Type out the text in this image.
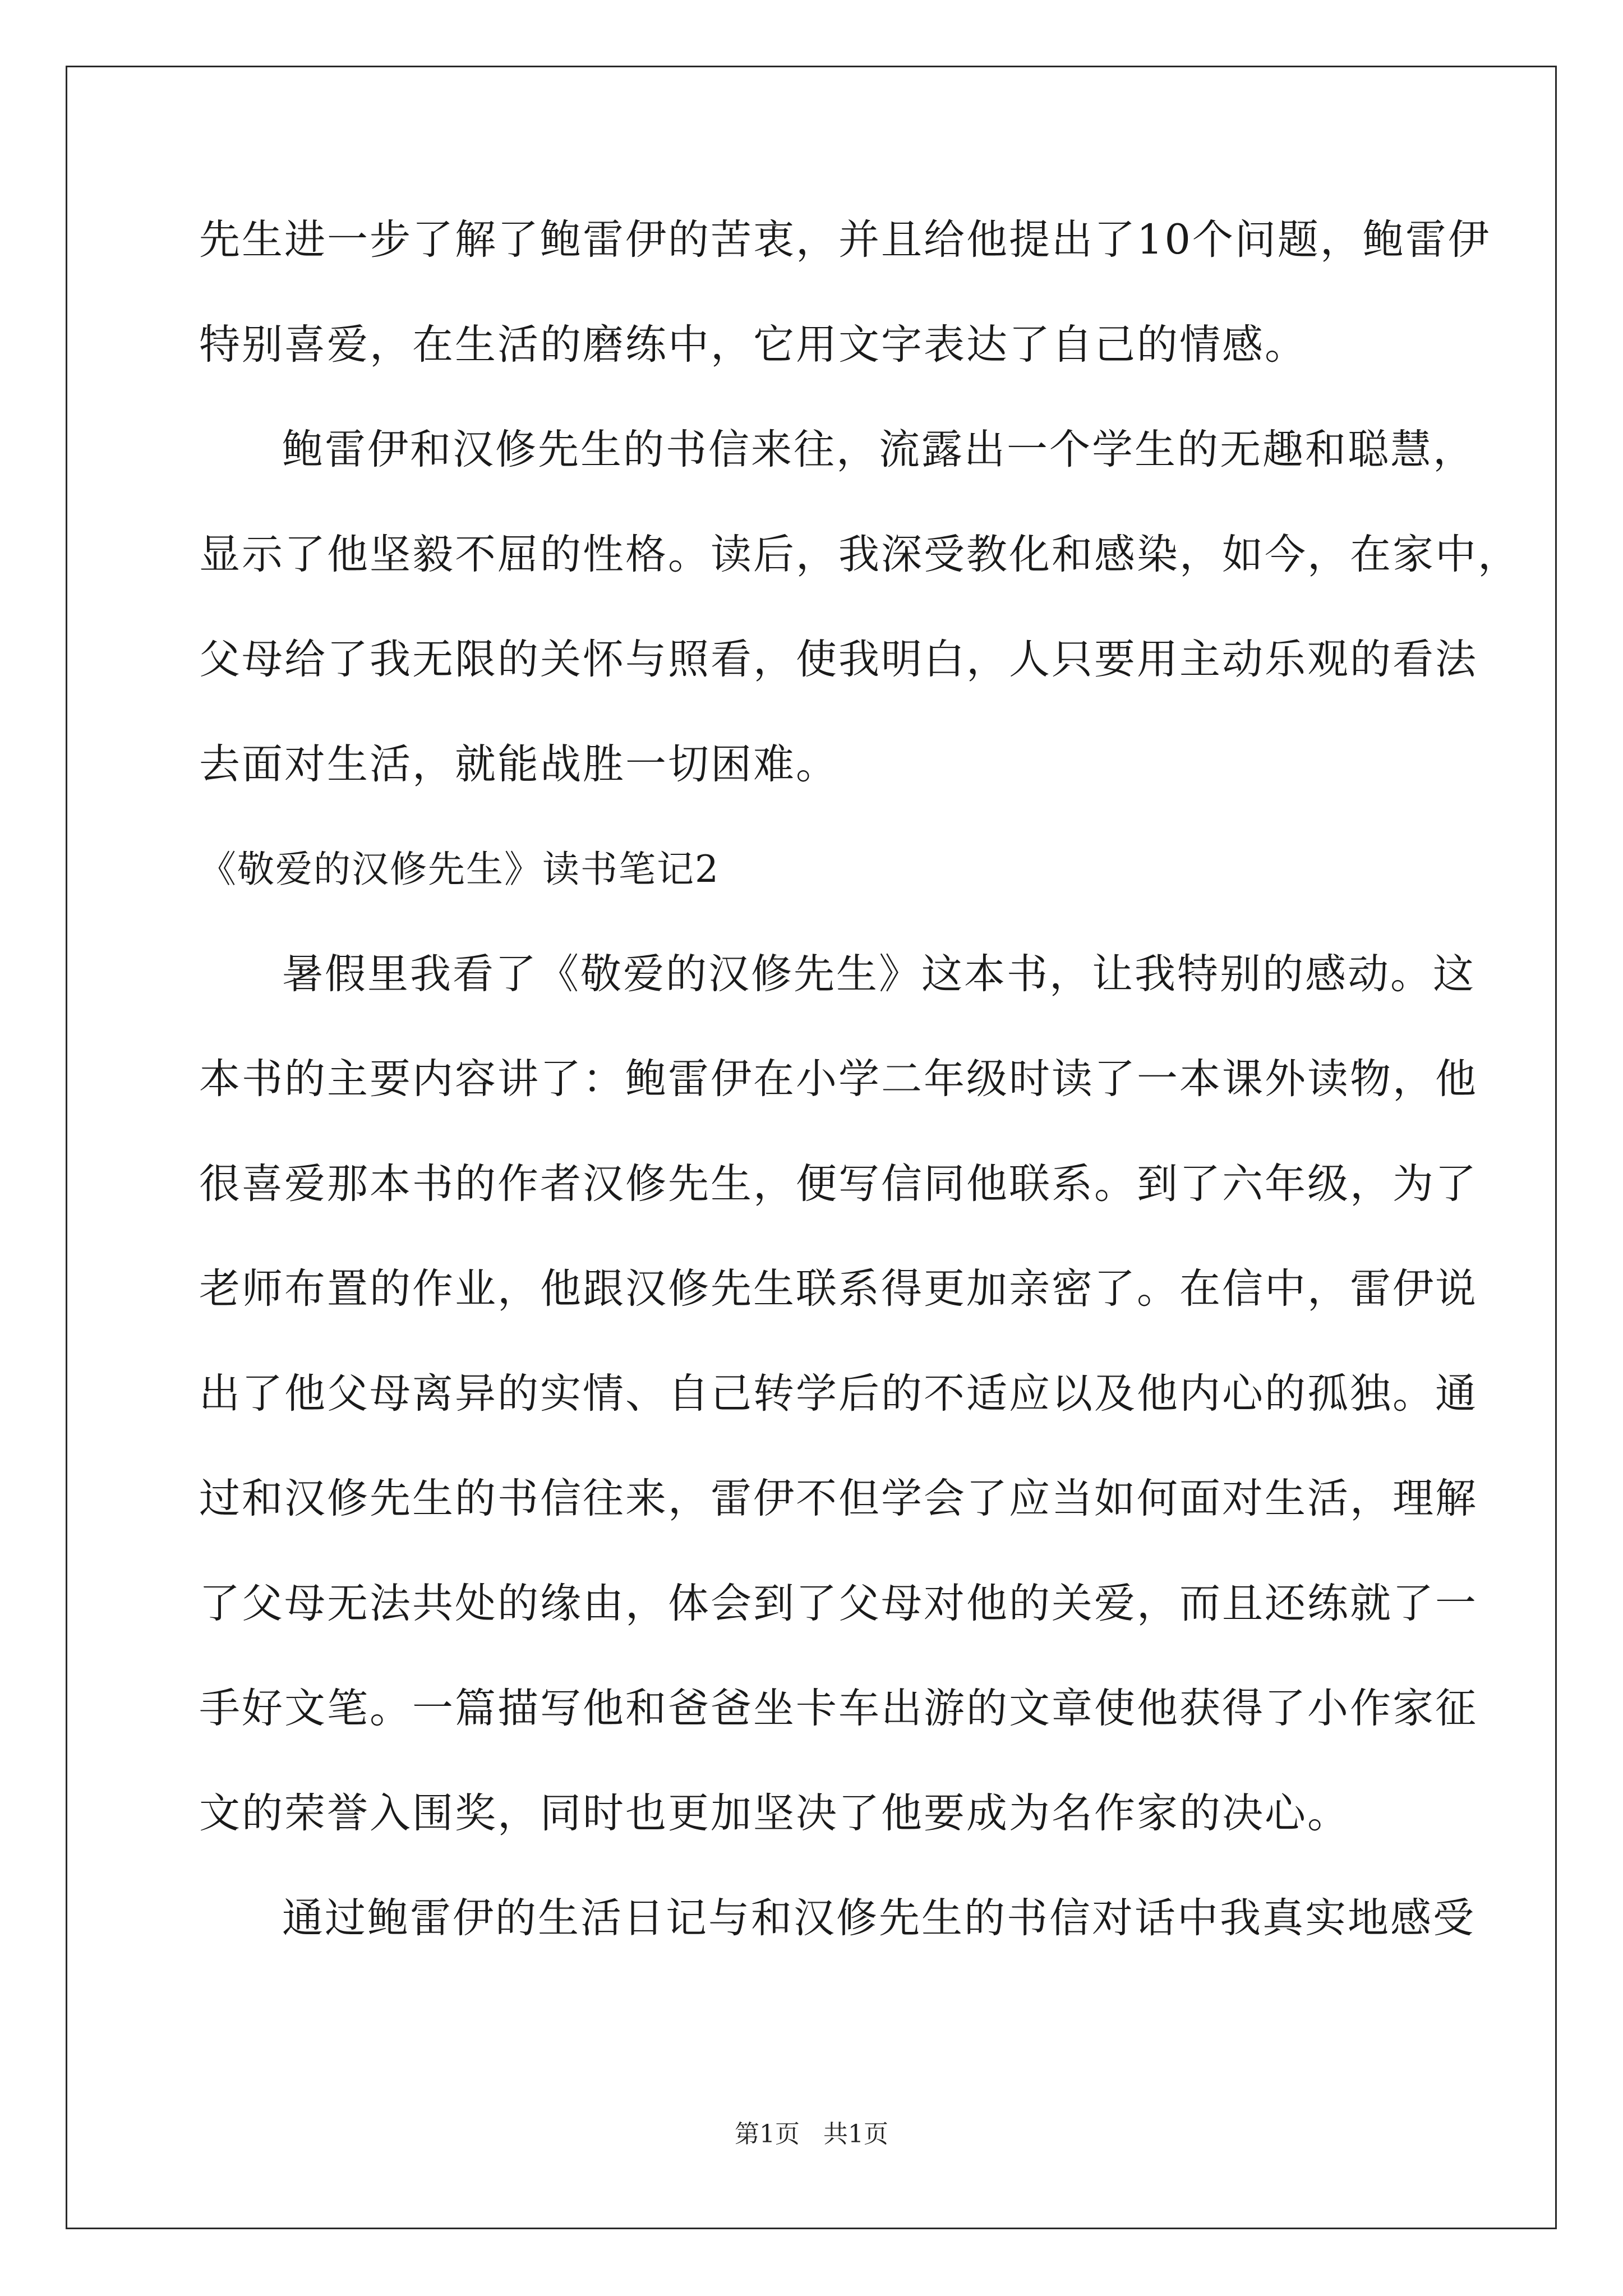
先生进一步了解了鲍雷伊的苦衷，并且给他提出了10个问题，鲍雷伊
特别喜爱，在生活的磨练中，它用文字表达了自己的情感。
鲍雷伊和汉修先生的书信来往，流露出一个学生的无趣和聪慧，
显示了他坚毅不屈的性格。读后，我深受教化和感染，如今，在家中，
父母给了我无限的关怀与照看，使我明白，人只要用主动乐观的看法
去面对生活，就能战胜一切困难。
《敬爱的汉修先生》读书笔记2
暑假里我看了《敬爱的汉修先生》这本书，让我特别的感动。这
本书的主要内容讲了：鲍雷伊在小学二年级时读了一本课外读物，他
很喜爱那本书的作者汉修先生，便写信同他联系。到了六年级，为了
老师布置的作业，他跟汉修先生联系得更加亲密了。在信中，雷伊说
出了他父母离异的实情、自己转学后的不适应以及他内心的孤独。通
过和汉修先生的书信往来，雷伊不但学会了应当如何面对生活，理解
了父母无法共处的缘由，体会到了父母对他的关爱，而且还练就了一
手好文笔。一篇描写他和爸爸坐卡车出游的文章使他获得了小作家征
文的荣誉入围奖，同时也更加坚决了他要成为名作家的决心。
通过鲍雷伊的生活日记与和汉修先生的书信对话中我真实地感受
第1页 共1页
